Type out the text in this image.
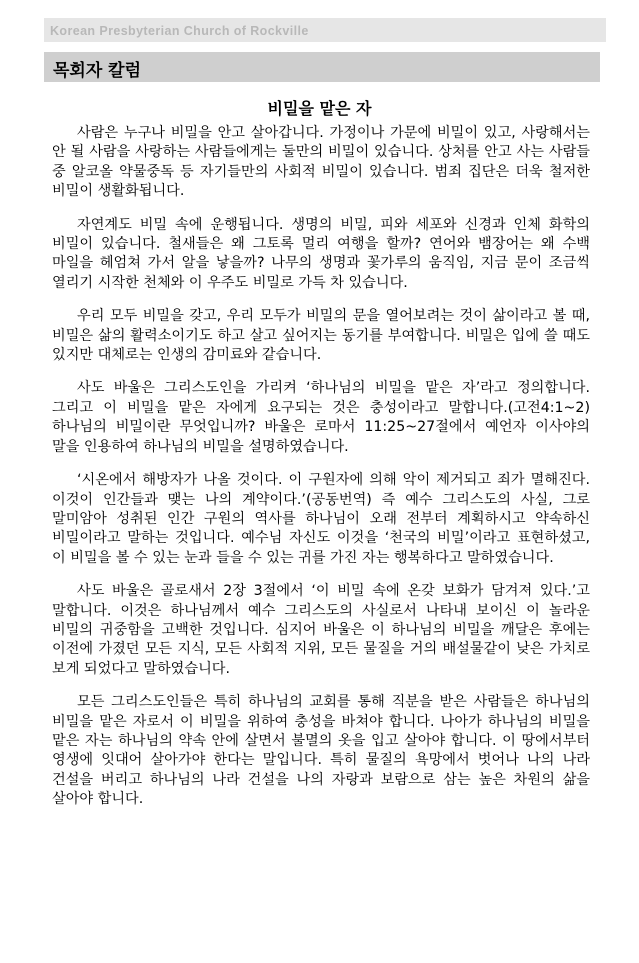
Korean Presbyterian Church of Rockville
목회자 칼럼
비밀을 맡은 자

사람은 누구나 비밀을 안고 살아갑니다. 가정이나 가문에 비밀이 있고, 사랑해서는 안 될 사람을 사랑하는 사람들에게는 둘만의 비밀이 있습니다. 상처를 안고 사는 사람들 중 알코올 약물중독 등 자기들만의 사회적 비밀이 있습니다. 범죄 집단은 더욱 철저한 비밀이 생활화됩니다.

자연계도 비밀 속에 운행됩니다. 생명의 비밀, 피와 세포와 신경과 인체 화학의 비밀이 있습니다. 철새들은 왜 그토록 멀리 여행을 할까? 연어와 뱀장어는 왜 수백 마일을 헤엄쳐 가서 알을 낳을까? 나무의 생명과 꽃가루의 움직임, 지금 문이 조금씩 열리기 시작한 천체와 이 우주도 비밀로 가득 차 있습니다.

우리 모두 비밀을 갖고, 우리 모두가 비밀의 문을 열어보려는 것이 삶이라고 볼 때, 비밀은 삶의 활력소이기도 하고 살고 싶어지는 동기를 부여합니다. 비밀은 입에 쓸 때도 있지만 대체로는 인생의 감미료와 같습니다.

사도 바울은 그리스도인을 가리켜 ‘하나님의 비밀을 맡은 자’라고 정의합니다. 그리고 이 비밀을 맡은 자에게 요구되는 것은 충성이라고 말합니다.(고전4:1~2) 하나님의 비밀이란 무엇입니까? 바울은 로마서 11:25~27절에서 예언자 이사야의 말을 인용하여 하나님의 비밀을 설명하였습니다.

‘시온에서 해방자가 나올 것이다. 이 구원자에 의해 악이 제거되고 죄가 멸해진다. 이것이 인간들과 맺는 나의 계약이다.’(공동번역) 즉 예수 그리스도의 사실, 그로 말미암아 성취된 인간 구원의 역사를 하나님이 오래 전부터 계획하시고 약속하신 비밀이라고 말하는 것입니다. 예수님 자신도 이것을 ‘천국의 비밀’이라고 표현하셨고, 이 비밀을 볼 수 있는 눈과 들을 수 있는 귀를 가진 자는 행복하다고 말하였습니다.

사도 바울은 골로새서 2장 3절에서 ‘이 비밀 속에 온갖 보화가 담겨져 있다.’고 말합니다. 이것은 하나님께서 예수 그리스도의 사실로서 나타내 보이신 이 놀라운 비밀의 귀중함을 고백한 것입니다. 심지어 바울은 이 하나님의 비밀을 깨달은 후에는 이전에 가졌던 모든 지식, 모든 사회적 지위, 모든 물질을 거의 배설물같이 낮은 가치로 보게 되었다고 말하였습니다.

모든 그리스도인들은 특히 하나님의 교회를 통해 직분을 받은 사람들은 하나님의 비밀을 맡은 자로서 이 비밀을 위하여 충성을 바쳐야 합니다. 나아가 하나님의 비밀을 맡은 자는 하나님의 약속 안에 살면서 불멸의 옷을 입고 살아야 합니다. 이 땅에서부터 영생에 잇대어 살아가야 한다는 말입니다. 특히 물질의 욕망에서 벗어나 나의 나라 건설을 버리고 하나님의 나라 건설을 나의 자랑과 보람으로 삼는 높은 차원의 삶을 살아야 합니다.
